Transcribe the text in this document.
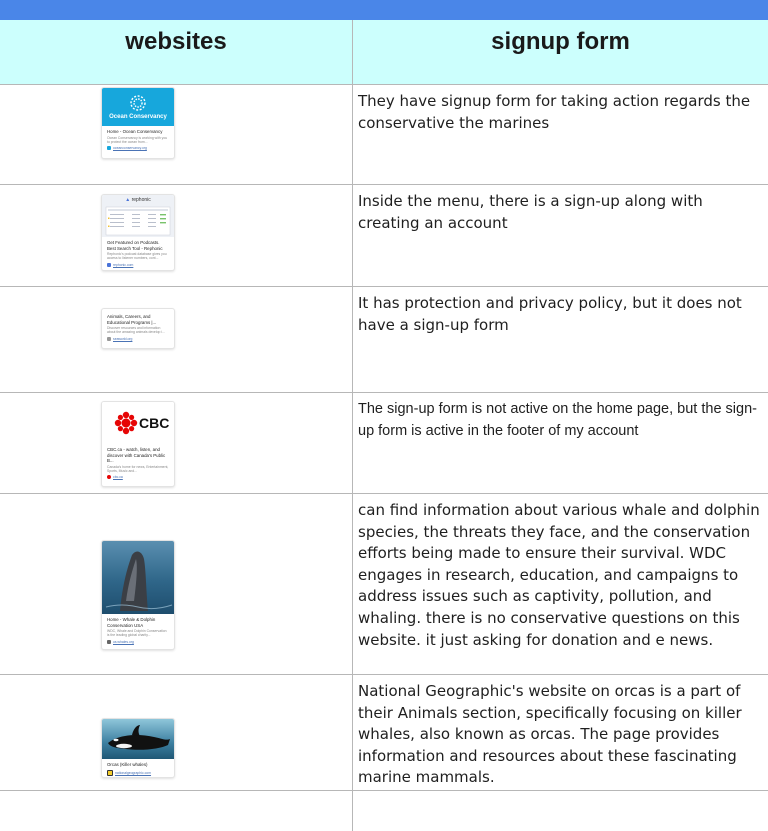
websites	signup form
Ocean Conservancy
Home - Ocean Conservancy
Ocean Conservancy is working with you to protect the ocean from...
oceanconservancy.org
They have signup form for taking action regards the conservative the marines
▲ rephonic
Get Featured on Podcasts. Best Search Tool - Rephonic
Rephonic's podcast database gives you access to listener numbers, cont...
rephonic.com
Inside the menu, there is a sign-up along with creating an account
Animals, Careers, and Educational Programs |...
Discover resources and information about the amazing animals develop i...
seaworld.org
It has protection and privacy policy, but it does not have a sign-up form
CBC
CBC.ca - watch, listen, and discover with Canada's Public B...
Canada's home for news, Entertainment, Sports, Music and...
cbc.ca
The sign-up form is not active on the home page, but the sign-up form is active in the footer of my account
Home - Whale & Dolphin Conservation USA
WDC, Whale and Dolphin Conservation is the leading global charity...
us.whales.org
can find information about various whale and dolphin species, the threats they face, and the conservation efforts being made to ensure their survival. WDC engages in research, education, and campaigns to address issues such as captivity, pollution, and whaling. there is no conservative questions on this website. it just asking for donation and e news.
Orcas (Killer whales)
nationalgeographic.com
National Geographic's website on orcas is a part of their Animals section, specifically focusing on killer whales, also known as orcas. The page provides information and resources about these fascinating marine mammals.
